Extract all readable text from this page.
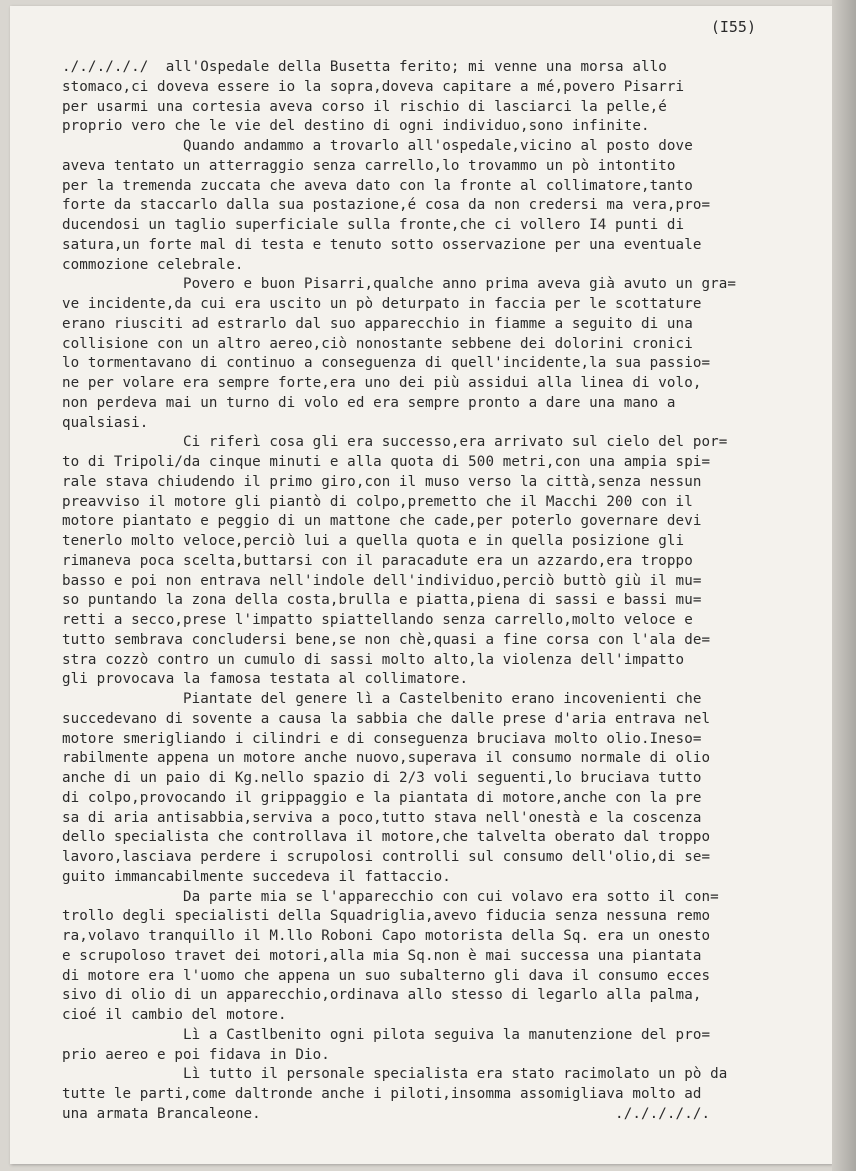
(I55)
./././././  all'Ospedale della Busetta ferito; mi venne una morsa allo
stomaco,ci doveva essere io la sopra,doveva capitare a mé,povero Pisarri
per usarmi una cortesia aveva corso il rischio di lasciarci la pelle,é
proprio vero che le vie del destino di ogni individuo,sono infinite.
Quando andammo a trovarlo all'ospedale,vicino al posto dove
aveva tentato un atterraggio senza carrello,lo trovammo un pò intontito
per la tremenda zuccata che aveva dato con la fronte al collimatore,tanto
forte da staccarlo dalla sua postazione,é cosa da non credersi ma vera,pro=
ducendosi un taglio superficiale sulla fronte,che ci vollero I4 punti di
satura,un forte mal di testa e tenuto sotto osservazione per una eventuale
commozione celebrale.
Povero e buon Pisarri,qualche anno prima aveva già avuto un gra=
ve incidente,da cui era uscito un pò deturpato in faccia per le scottature
erano riusciti ad estrarlo dal suo apparecchio in fiamme a seguito di una
collisione con un altro aereo,ciò nonostante sebbene dei dolorini cronici
lo tormentavano di continuo a conseguenza di quell'incidente,la sua passio=
ne per volare era sempre forte,era uno dei più assidui alla linea di volo,
non perdeva mai un turno di volo ed era sempre pronto a dare una mano a
qualsiasi.
Ci riferì cosa gli era successo,era arrivato sul cielo del por=
to di Tripoli/da cinque minuti e alla quota di 500 metri,con una ampia spi=
rale stava chiudendo il primo giro,con il muso verso la città,senza nessun
preavviso il motore gli piantò di colpo,premetto che il Macchi 200 con il
motore piantato e peggio di un mattone che cade,per poterlo governare devi
tenerlo molto veloce,perciò lui a quella quota e in quella posizione gli
rimaneva poca scelta,buttarsi con il paracadute era un azzardo,era troppo
basso e poi non entrava nell'indole dell'individuo,perciò buttò giù il mu=
so puntando la zona della costa,brulla e piatta,piena di sassi e bassi mu=
retti a secco,prese l'impatto spiattellando senza carrello,molto veloce e
tutto sembrava concludersi bene,se non chè,quasi a fine corsa con l'ala de=
stra cozzò contro un cumulo di sassi molto alto,la violenza dell'impatto
gli provocava la famosa testata al collimatore.
Piantate del genere lì a Castelbenito erano incovenienti che
succedevano di sovente a causa la sabbia che dalle prese d'aria entrava nel
motore smerigliando i cilindri e di conseguenza bruciava molto olio.Ineso=
rabilmente appena un motore anche nuovo,superava il consumo normale di olio
anche di un paio di Kg.nello spazio di 2/3 voli seguenti,lo bruciava tutto
di colpo,provocando il grippaggio e la piantata di motore,anche con la pre
sa di aria antisabbia,serviva a poco,tutto stava nell'onestà e la coscenza
dello specialista che controllava il motore,che talvelta oberato dal troppo
lavoro,lasciava perdere i scrupolosi controlli sul consumo dell'olio,di se=
guito immancabilmente succedeva il fattaccio.
Da parte mia se l'apparecchio con cui volavo era sotto il con=
trollo degli specialisti della Squadriglia,avevo fiducia senza nessuna remo
ra,volavo tranquillo il M.llo Roboni Capo motorista della Sq. era un onesto
e scrupoloso travet dei motori,alla mia Sq.non è mai successa una piantata
di motore era l'uomo che appena un suo subalterno gli dava il consumo ecces
sivo di olio di un apparecchio,ordinava allo stesso di legarlo alla palma,
cioé il cambio del motore.
Lì a Castlbenito ogni pilota seguiva la manutenzione del pro=
prio aereo e poi fidava in Dio.
Lì tutto il personale specialista era stato racimolato un pò da
tutte le parti,come daltronde anche i piloti,insomma assomigliava molto ad
una armata Brancaleone.                                         ./././././.
